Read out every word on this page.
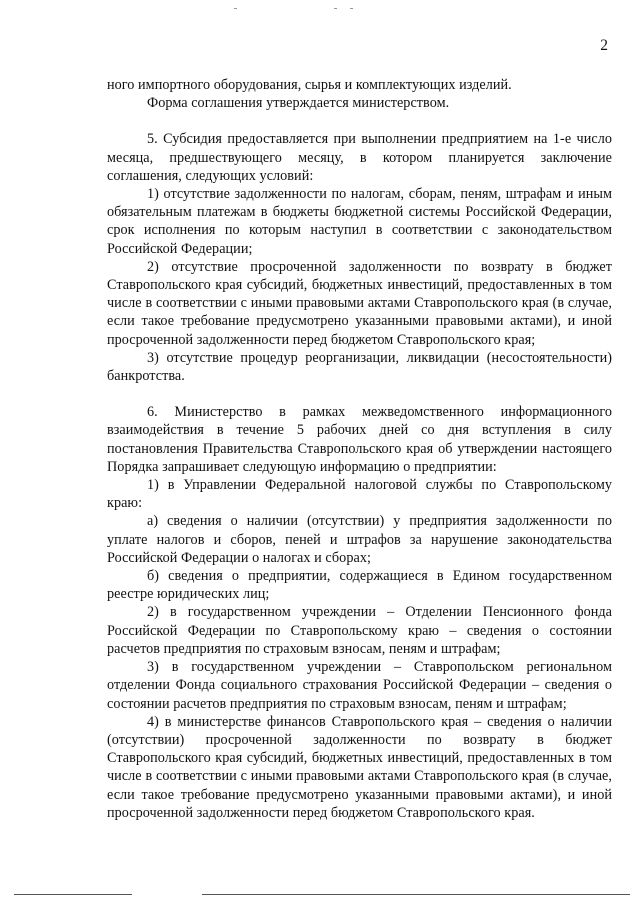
2

ного импортного оборудования, сырья и комплектующих изделий.

Форма соглашения утверждается министерством.

5. Субсидия предоставляется при выполнении предприятием на 1-е число месяца, предшествующего месяцу, в котором планируется заключение соглашения, следующих условий:

1) отсутствие задолженности по налогам, сборам, пеням, штрафам и иным обязательным платежам в бюджеты бюджетной системы Российской Федерации, срок исполнения по которым наступил в соответствии с законодательством Российской Федерации;

2) отсутствие просроченной задолженности по возврату в бюджет Ставропольского края субсидий, бюджетных инвестиций, предоставленных в том числе в соответствии с иными правовыми актами Ставропольского края (в случае, если такое требование предусмотрено указанными правовыми актами), и иной просроченной задолженности перед бюджетом Ставропольского края;

3) отсутствие процедур реорганизации, ликвидации (несостоятельности) банкротства.

6. Министерство в рамках межведомственного информационного взаимодействия в течение 5 рабочих дней со дня вступления в силу постановления Правительства Ставропольского края об утверждении настоящего Порядка запрашивает следующую информацию о предприятии:

1) в Управлении Федеральной налоговой службы по Ставропольскому краю:

а) сведения о наличии (отсутствии) у предприятия задолженности по уплате налогов и сборов, пеней и штрафов за нарушение законодательства Российской Федерации о налогах и сборах;

б) сведения о предприятии, содержащиеся в Едином государственном реестре юридических лиц;

2) в государственном учреждении – Отделении Пенсионного фонда Российской Федерации по Ставропольскому краю – сведения о состоянии расчетов предприятия по страховым взносам, пеням и штрафам;

3) в государственном учреждении – Ставропольском региональном отделении Фонда социального страхования Российской Федерации – сведения о состоянии расчетов предприятия по страховым взносам, пеням и штрафам;

4) в министерстве финансов Ставропольского края – сведения о наличии (отсутствии) просроченной задолженности по возврату в бюджет Ставропольского края субсидий, бюджетных инвестиций, предоставленных в том числе в соответствии с иными правовыми актами Ставропольского края (в случае, если такое требование предусмотрено указанными правовыми актами), и иной просроченной задолженности перед бюджетом Ставропольского края.
